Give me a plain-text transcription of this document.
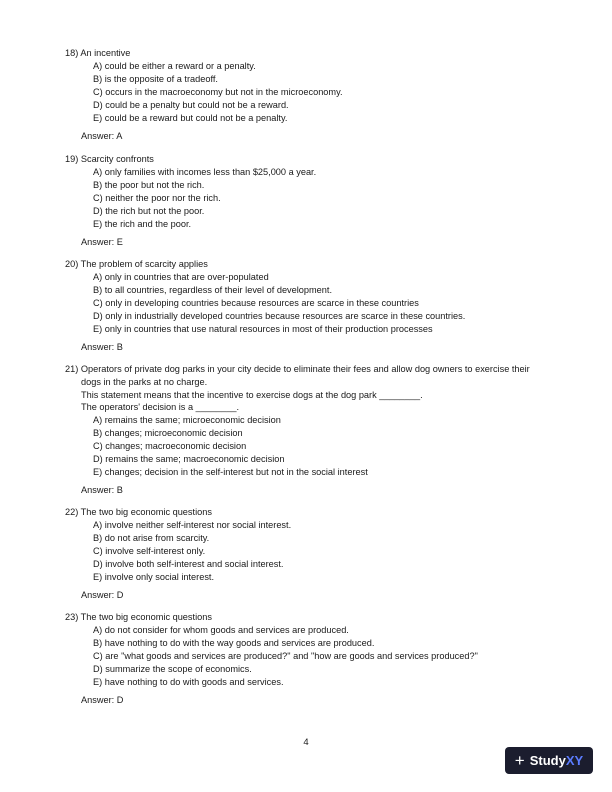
18) An incentive
A) could be either a reward or a penalty.
B) is the opposite of a tradeoff.
C) occurs in the macroeconomy but not in the microeconomy.
D) could be a penalty but could not be a reward.
E) could be a reward but could not be a penalty.
Answer: A
19) Scarcity confronts
A) only families with incomes less than $25,000 a year.
B) the poor but not the rich.
C) neither the poor nor the rich.
D) the rich but not the poor.
E) the rich and the poor.
Answer: E
20) The problem of scarcity applies
A) only in countries that are over-populated
B) to all countries, regardless of their level of development.
C) only in developing countries because resources are scarce in these countries
D) only in industrially developed countries because resources are scarce in these countries.
E) only in countries that use natural resources in most of their production processes
Answer: B
21) Operators of private dog parks in your city decide to eliminate their fees and allow dog owners to exercise their
dogs in the parks at no charge.
This statement means that the incentive to exercise dogs at the dog park ________.
The operators' decision is a ________.
A) remains the same; microeconomic decision
B) changes; microeconomic decision
C) changes; macroeconomic decision
D) remains the same; macroeconomic decision
E) changes; decision in the self-interest but not in the social interest
Answer: B
22) The two big economic questions
A) involve neither self-interest nor social interest.
B) do not arise from scarcity.
C) involve self-interest only.
D) involve both self-interest and social interest.
E) involve only social interest.
Answer: D
23) The two big economic questions
A) do not consider for whom goods and services are produced.
B) have nothing to do with the way goods and services are produced.
C) are "what goods and services are produced?" and "how are goods and services produced?"
D) summarize the scope of economics.
E) have nothing to do with goods and services.
Answer: D
4
+ Study XY
